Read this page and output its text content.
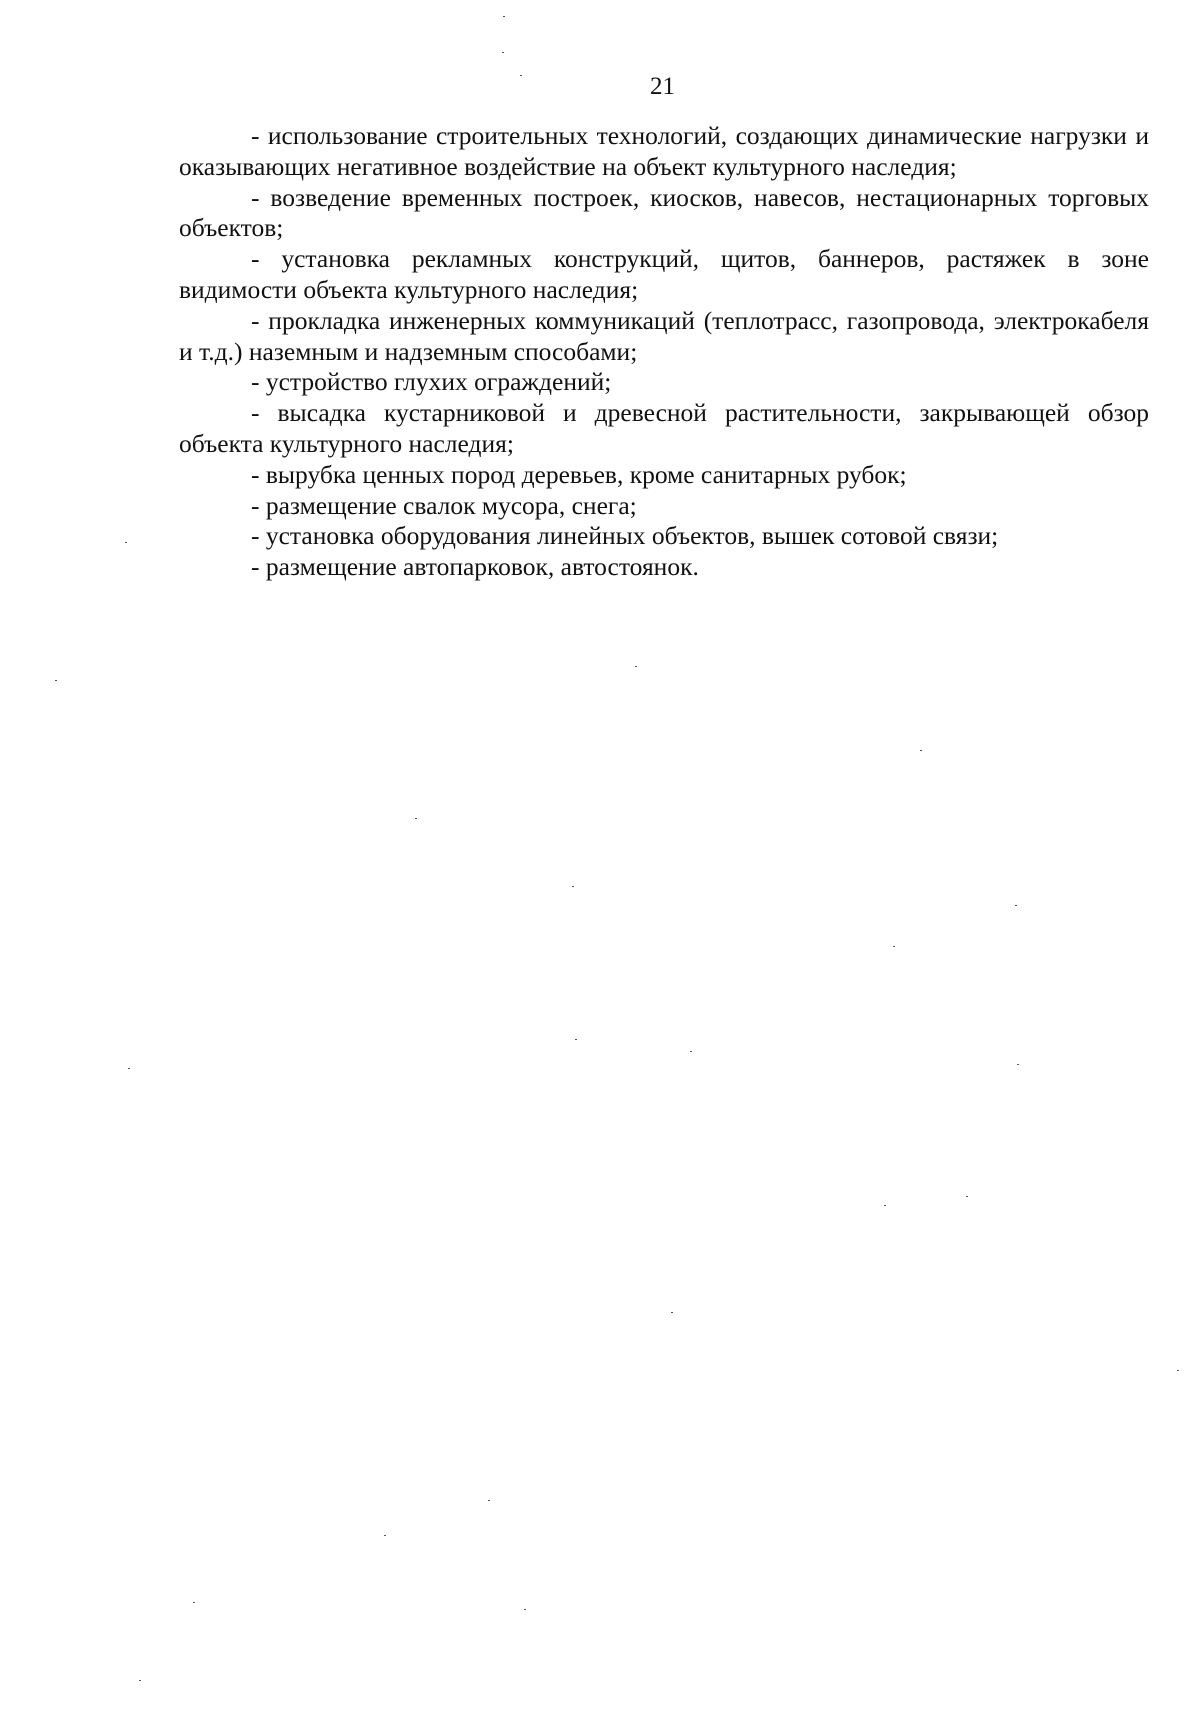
21

- использование строительных технологий, создающих динамические нагрузки и оказывающих негативное воздействие на объект культурного наследия;

- возведение временных построек, киосков, навесов, нестационарных торговых объектов;

- установка рекламных конструкций, щитов, баннеров, растяжек в зоне видимости объекта культурного наследия;

- прокладка инженерных коммуникаций (теплотрасс, газопровода, электрокабеля и т.д.) наземным и надземным способами;

- устройство глухих ограждений;

- высадка кустарниковой и древесной растительности, закрывающей обзор объекта культурного наследия;

- вырубка ценных пород деревьев, кроме санитарных рубок;

- размещение свалок мусора, снега;

- установка оборудования линейных объектов, вышек сотовой связи;

- размещение автопарковок, автостоянок.
